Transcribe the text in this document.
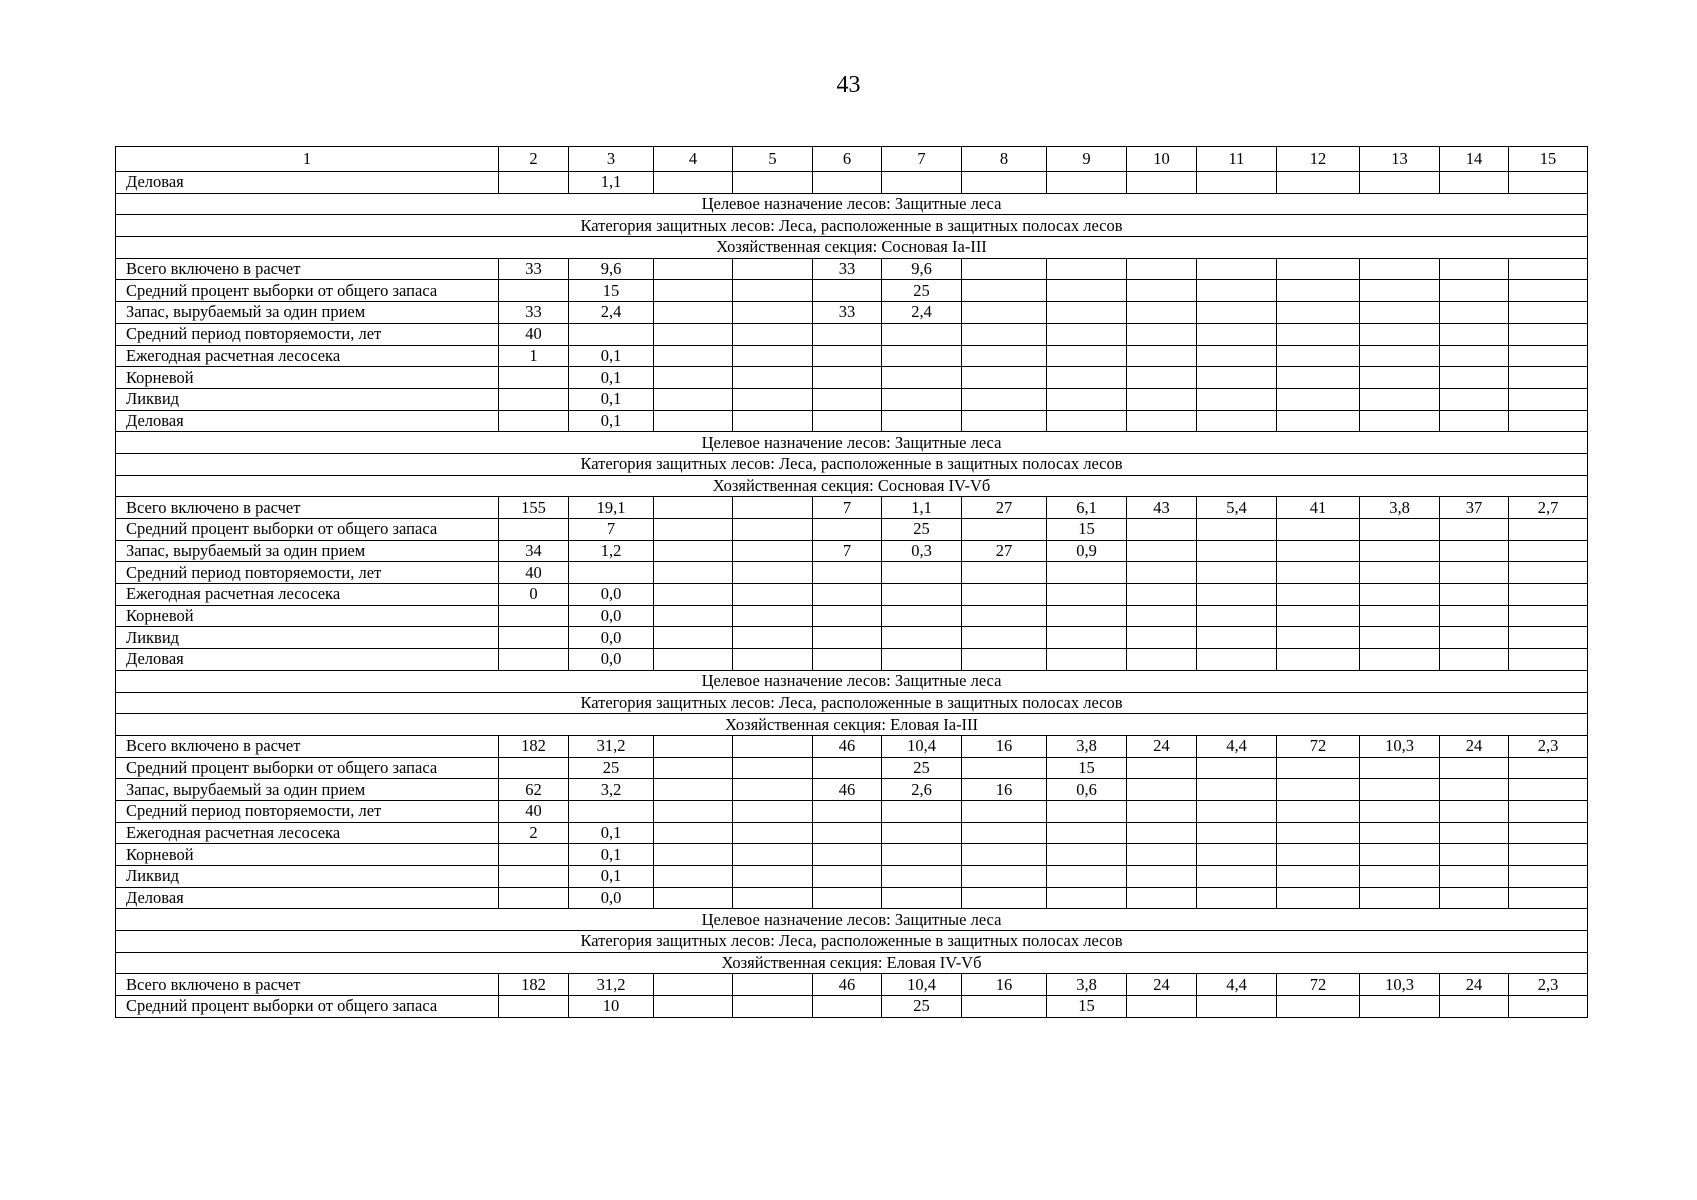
43
1	2	3	4	5	6	7	8	9	10	11	12	13	14	15
Деловая		1,1												
Целевое назначение лесов: Защитные леса														
Категория защитных лесов: Леса, расположенные в защитных полосах лесов														
Хозяйственная секция: Сосновая Ia-III														
Всего включено в расчет	33	9,6			33	9,6								
Средний процент выборки от общего запаса		15				25								
Запас, вырубаемый за один прием	33	2,4			33	2,4								
Средний период повторяемости, лет	40													
Ежегодная расчетная лесосека	1	0,1												
Корневой		0,1												
Ликвид		0,1												
Деловая		0,1												
Целевое назначение лесов: Защитные леса														
Категория защитных лесов: Леса, расположенные в защитных полосах лесов														
Хозяйственная секция: Сосновая IV-Vб														
Всего включено в расчет	155	19,1			7	1,1	27	6,1	43	5,4	41	3,8	37	2,7
Средний процент выборки от общего запаса		7				25		15						
Запас, вырубаемый за один прием	34	1,2			7	0,3	27	0,9						
Средний период повторяемости, лет	40													
Ежегодная расчетная лесосека	0	0,0												
Корневой		0,0												
Ликвид		0,0												
Деловая		0,0												
Целевое назначение лесов: Защитные леса														
Категория защитных лесов: Леса, расположенные в защитных полосах лесов														
Хозяйственная секция: Еловая Ia-III														
Всего включено в расчет	182	31,2			46	10,4	16	3,8	24	4,4	72	10,3	24	2,3
Средний процент выборки от общего запаса		25				25		15						
Запас, вырубаемый за один прием	62	3,2			46	2,6	16	0,6						
Средний период повторяемости, лет	40													
Ежегодная расчетная лесосека	2	0,1												
Корневой		0,1												
Ликвид		0,1												
Деловая		0,0												
Целевое назначение лесов: Защитные леса														
Категория защитных лесов: Леса, расположенные в защитных полосах лесов														
Хозяйственная секция: Еловая IV-Vб														
Всего включено в расчет	182	31,2			46	10,4	16	3,8	24	4,4	72	10,3	24	2,3
Средний процент выборки от общего запаса		10				25		15						
